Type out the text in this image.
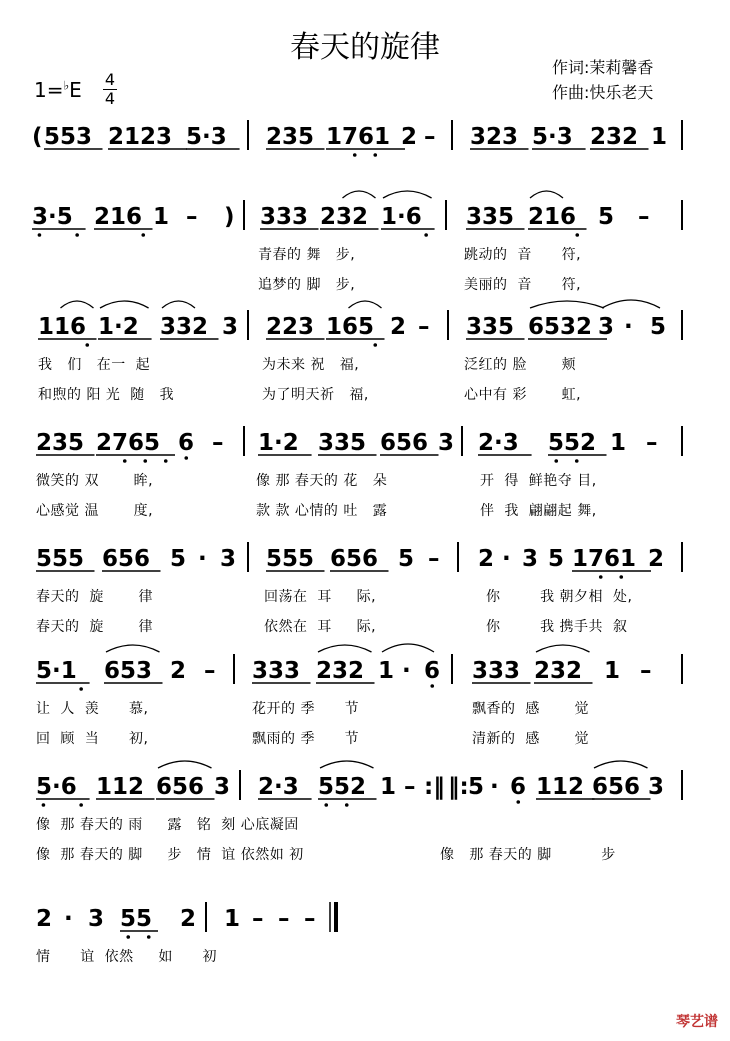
春天的旋律
作词:茉莉馨香
作曲:快乐老天
1=♭E 4
4
( 553 2123 5·3 235 1761 2 – 323 5·3 232 1
3·5 216 1 – ) 333 232 1·6 335 216 5 –
青春的 舞   步,	跳动的  音      符,
追梦的 脚   步,	美丽的  音      符,
116 1·2 332 3 223 165 2 – 335 6532 3 · 5
我   们   在一  起	为未来 祝   福,	泛红的 脸       颊
和煦的 阳 光  随   我	为了明天祈   福,	心中有 彩       虹,
235 2765 6 – 1·2 335 656 3 2·3 552 1 –
微笑的 双       眸,	像 那 春天的 花   朵	开  得  鲜艳夺 目,
心感觉 温       度,	款 款 心情的 吐   露	伴  我  翩翩起 舞,
555 656 5 · 3 555 656 5 – 2 · 3 5 1761 2
春天的  旋       律	回荡在  耳     际,	你        我 朝夕相  处,
春天的  旋       律	依然在  耳     际,	你        我 携手共  叙
5·1 653 2 – 333 232 1 · 6 333 232 1 –
让  人  羡      慕,	花开的 季      节	飘香的  感       觉
回  顾  当      初,	飘雨的 季      节	清新的  感       觉
5·6 112 656 3 2·3 552 1 – :‖ ‖: 5 · 6 112 656 3
像  那 春天的 雨     露   铭  刻 心底凝固
像  那 春天的 脚     步   情  谊 依然如 初	像   那 春天的 脚          步
2 · 3 55 2 1 – – –
情      谊  依然     如      初
琴艺谱
